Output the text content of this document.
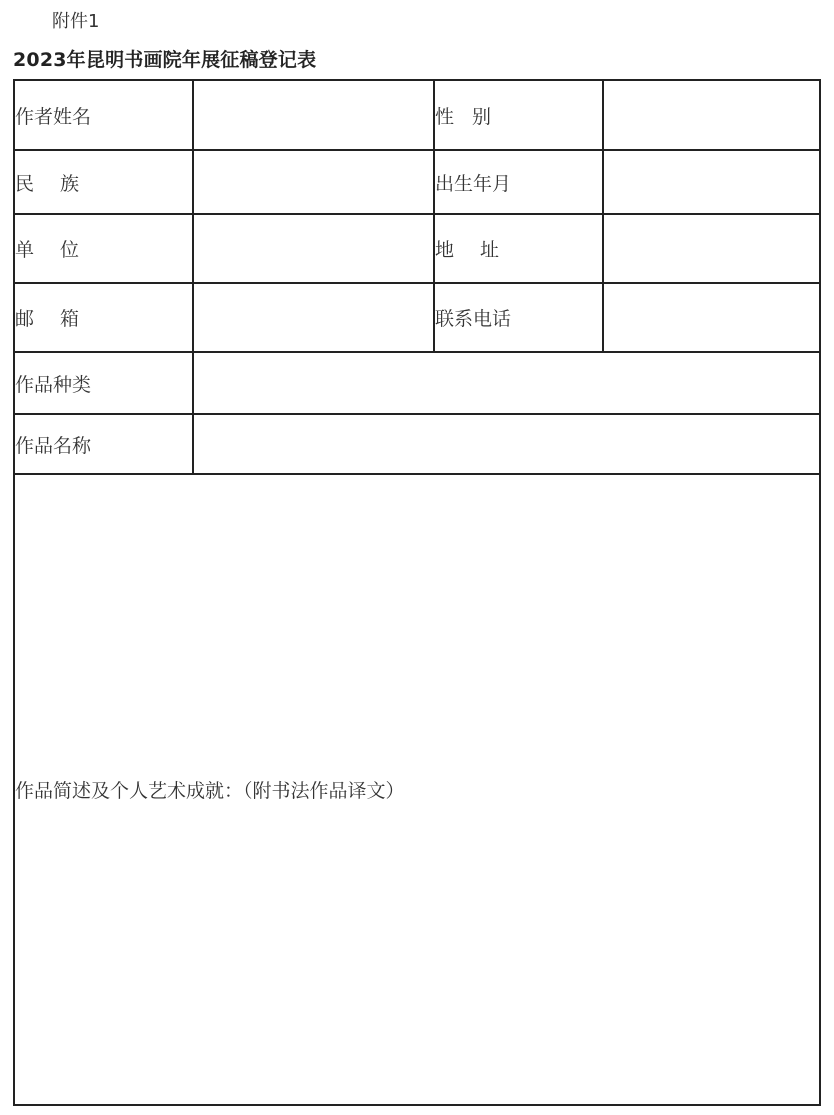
附件1
2023年昆明书画院年展征稿登记表
作者姓名		性 别	
民 族		出生年月	
单 位		地 址	
邮 箱		联系电话	
作品种类			
作品名称			
作品简述及个人艺术成就：（附书法作品译文）			
